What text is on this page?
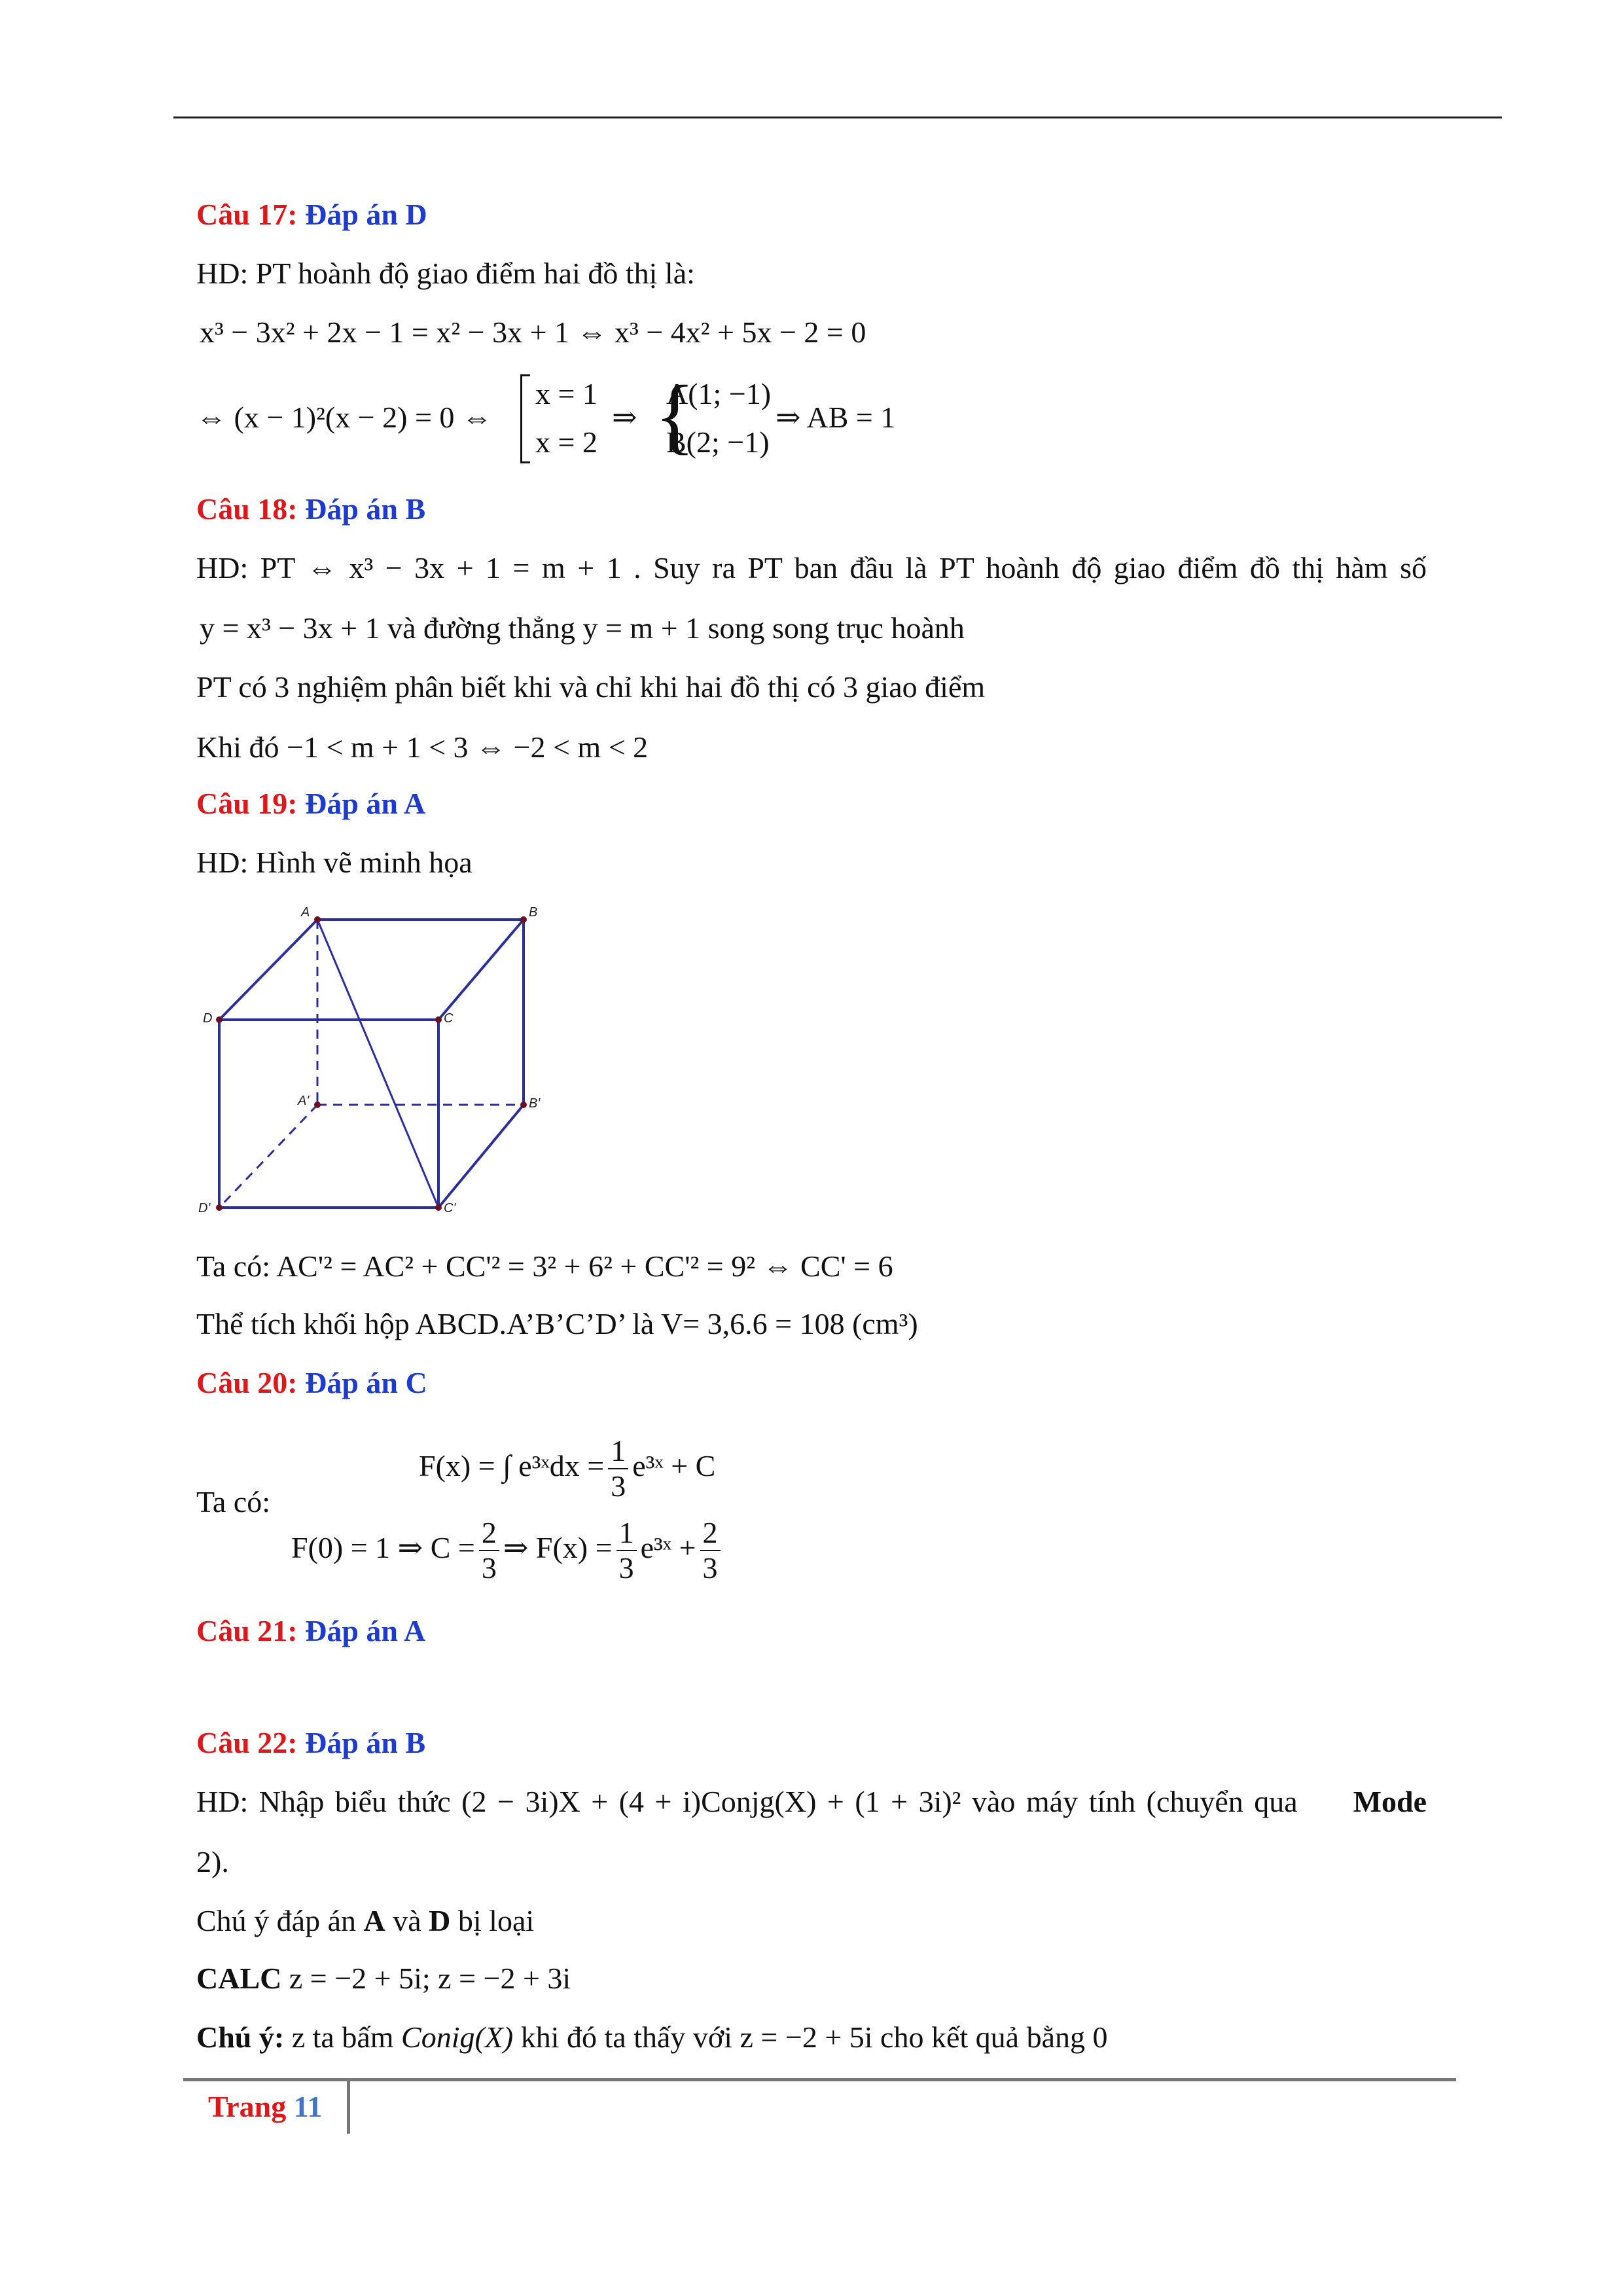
Câu 17: Đáp án D
HD: PT hoành độ giao điểm hai đồ thị là:
x³ − 3x² + 2x − 1 = x² − 3x + 1 ⇔ x³ − 4x² + 5x − 2 = 0
⇔ (x − 1)²(x − 2) = 0 ⇔
x = 1
x = 2
⇒ {
A(1; −1)
B(2; −1)
⇒ AB = 1
Câu 18: Đáp án B
HD: PT ⇔ x³ − 3x + 1 = m + 1 . Suy ra PT ban đầu là PT hoành độ giao điểm đồ thị hàm số
y = x³ − 3x + 1 và đường thẳng y = m + 1 song song trục hoành
PT có 3 nghiệm phân biết khi và chỉ khi hai đồ thị có 3 giao điểm
Khi đó −1 < m + 1 < 3 ⇔ −2 < m < 2
Câu 19: Đáp án A
HD: Hình vẽ minh họa
A	B
D	C
A'	B'
D'	C'
Ta có: AC'² = AC² + CC'² = 3² + 6² + CC'² = 9² ⇔ CC' = 6
Thể tích khối hộp ABCD.A’B’C’D’ là V= 3,6.6 = 108 (cm³)
Câu 20: Đáp án C
Ta có:
F(x) = ∫ e³ˣdx = $\frac{1}{3}$ e³ˣ + C
F(0) = 1 ⇒ $C = \frac{2}{3}$ ⇒ $F(x) = \frac{1}{3}$ e³ˣ + $\frac{2}{3}$
Câu 21: Đáp án A
Câu 22: Đáp án B
HD: Nhập biểu thức (2 − 3i)X + (4 + i)Conjg(X) + (1 + 3i)² vào máy tính (chuyển qua Mode
2).
Chú ý đáp án A và D bị loại
CALC z = −2 + 5i; z = −2 + 3i
Chú ý: z ta bấm Conig(X) khi đó ta thấy với z = −2 + 5i cho kết quả bằng 0
Trang 11
